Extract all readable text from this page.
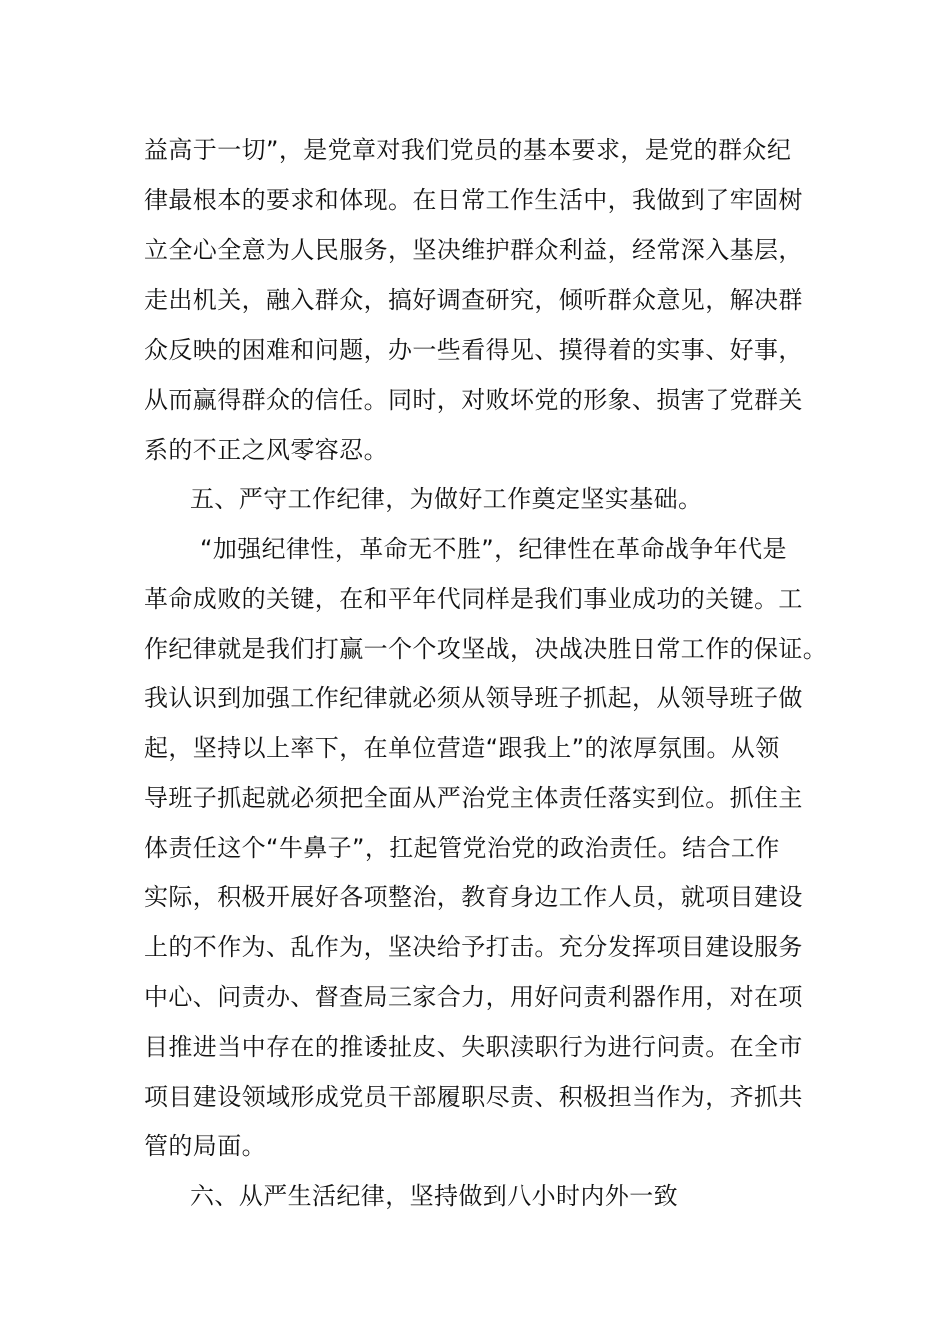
益高于一切”，是党章对我们党员的基本要求，是党的群众纪
律最根本的要求和体现。在日常工作生活中，我做到了牢固树
立全心全意为人民服务，坚决维护群众利益，经常深入基层，
走出机关，融入群众，搞好调查研究，倾听群众意见，解决群
众反映的困难和问题，办一些看得见、摸得着的实事、好事，
从而赢得群众的信任。同时，对败坏党的形象、损害了党群关
系的不正之风零容忍。
五、严守工作纪律，为做好工作奠定坚实基础。
“加强纪律性，革命无不胜”，纪律性在革命战争年代是
革命成败的关键，在和平年代同样是我们事业成功的关键。工
作纪律就是我们打赢一个个攻坚战，决战决胜日常工作的保证。
我认识到加强工作纪律就必须从领导班子抓起，从领导班子做
起，坚持以上率下，在单位营造“跟我上”的浓厚氛围。从领
导班子抓起就必须把全面从严治党主体责任落实到位。抓住主
体责任这个“牛鼻子”，扛起管党治党的政治责任。结合工作
实际，积极开展好各项整治，教育身边工作人员，就项目建设
上的不作为、乱作为，坚决给予打击。充分发挥项目建设服务
中心、问责办、督查局三家合力，用好问责利器作用，对在项
目推进当中存在的推诿扯皮、失职渎职行为进行问责。在全市
项目建设领域形成党员干部履职尽责、积极担当作为，齐抓共
管的局面。
六、从严生活纪律，坚持做到八小时内外一致
